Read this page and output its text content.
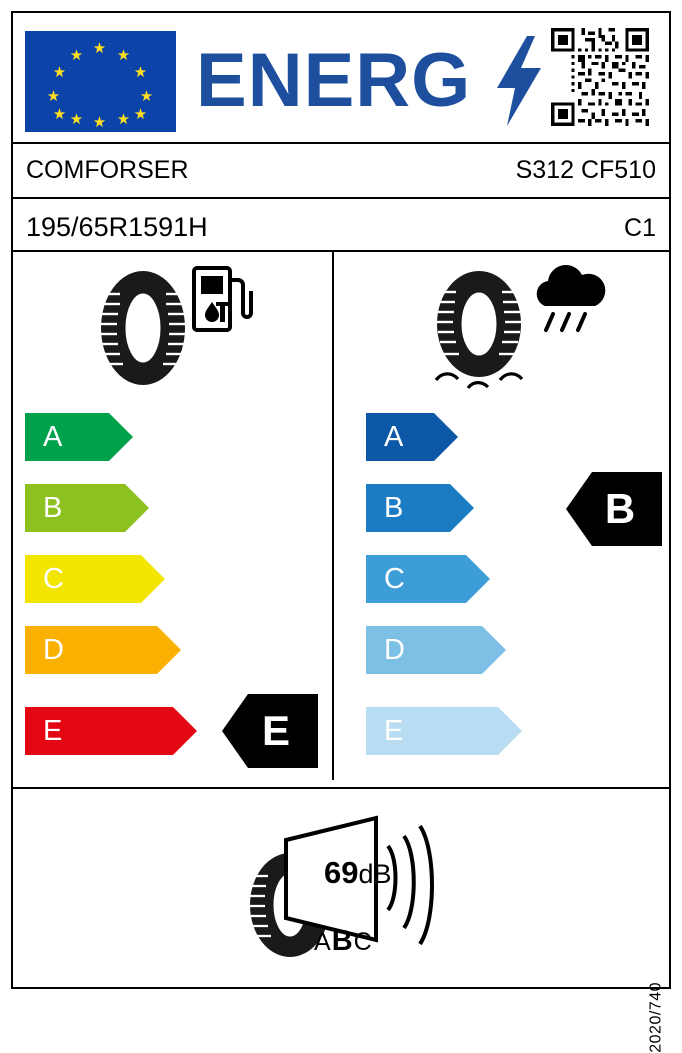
★ ★
★
★
★
★
★
★
★ ★
★ ★ ENERG
COMFORSER	S312 CF510
195/65R1591H	C1
A
B
C
D
E	E
A
B
C
D
E
B
69dB
ABC
2020/740
